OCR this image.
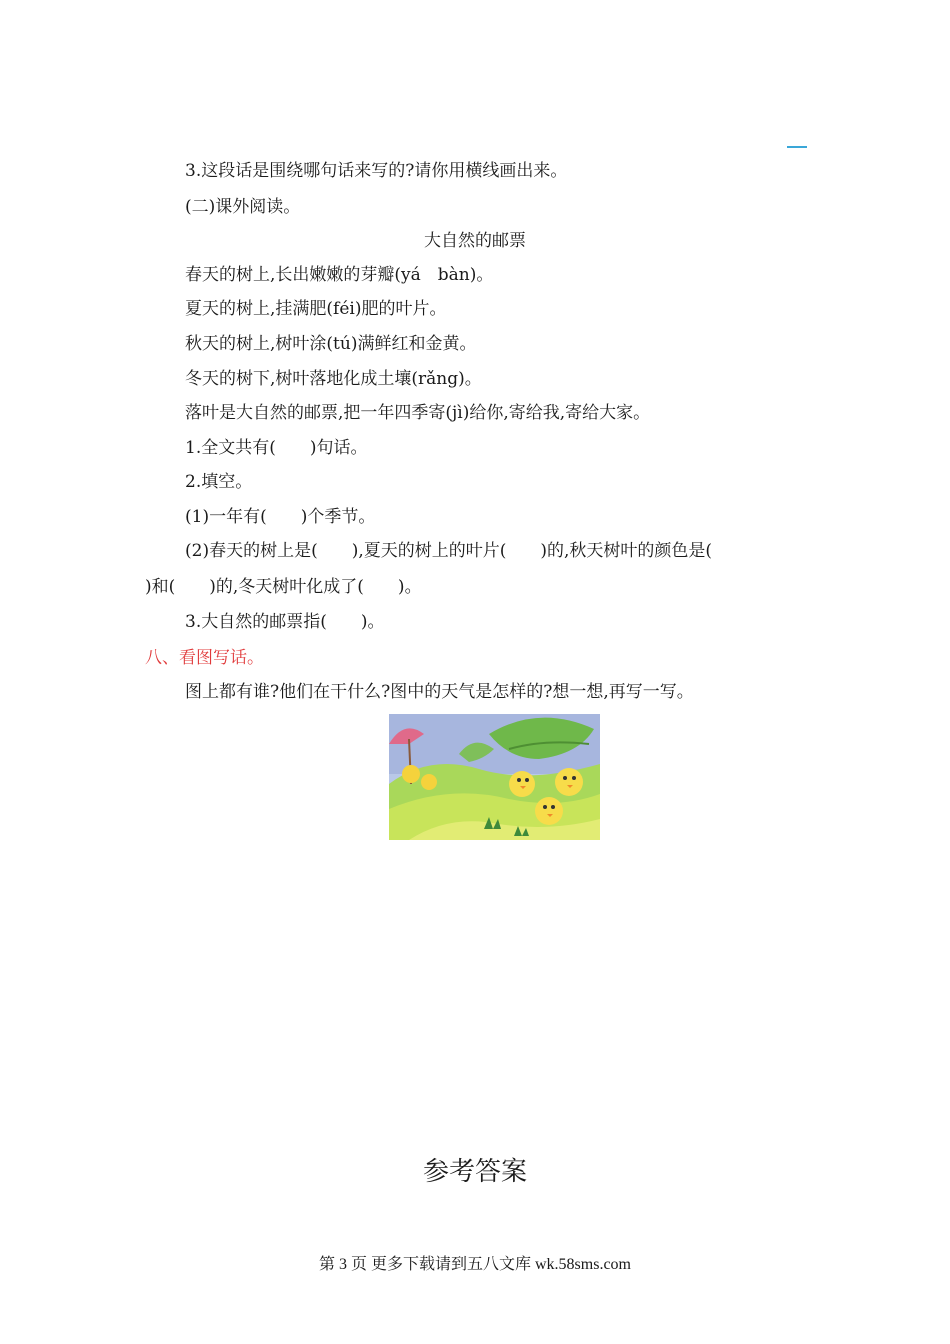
3.这段话是围绕哪句话来写的?请你用横线画出来。
(二)课外阅读。
大自然的邮票
春天的树上,长出嫩嫩的芽瓣(yá　bàn)。
夏天的树上,挂满肥(féi)肥的叶片。
秋天的树上,树叶涂(tú)满鲜红和金黄。
冬天的树下,树叶落地化成土壤(rǎng)。
落叶是大自然的邮票,把一年四季寄(jì)给你,寄给我,寄给大家。
1.全文共有(　　)句话。
2.填空。
(1)一年有(　　)个季节。
(2)春天的树上是(　　),夏天的树上的叶片(　　)的,秋天树叶的颜色是(
)和(　　)的,冬天树叶化成了(　　)。
3.大自然的邮票指(　　)。
八、看图写话。
图上都有谁?他们在干什么?图中的天气是怎样的?想一想,再写一写。
参考答案
第 3 页 更多下载请到五八文库 wk.58sms.com
